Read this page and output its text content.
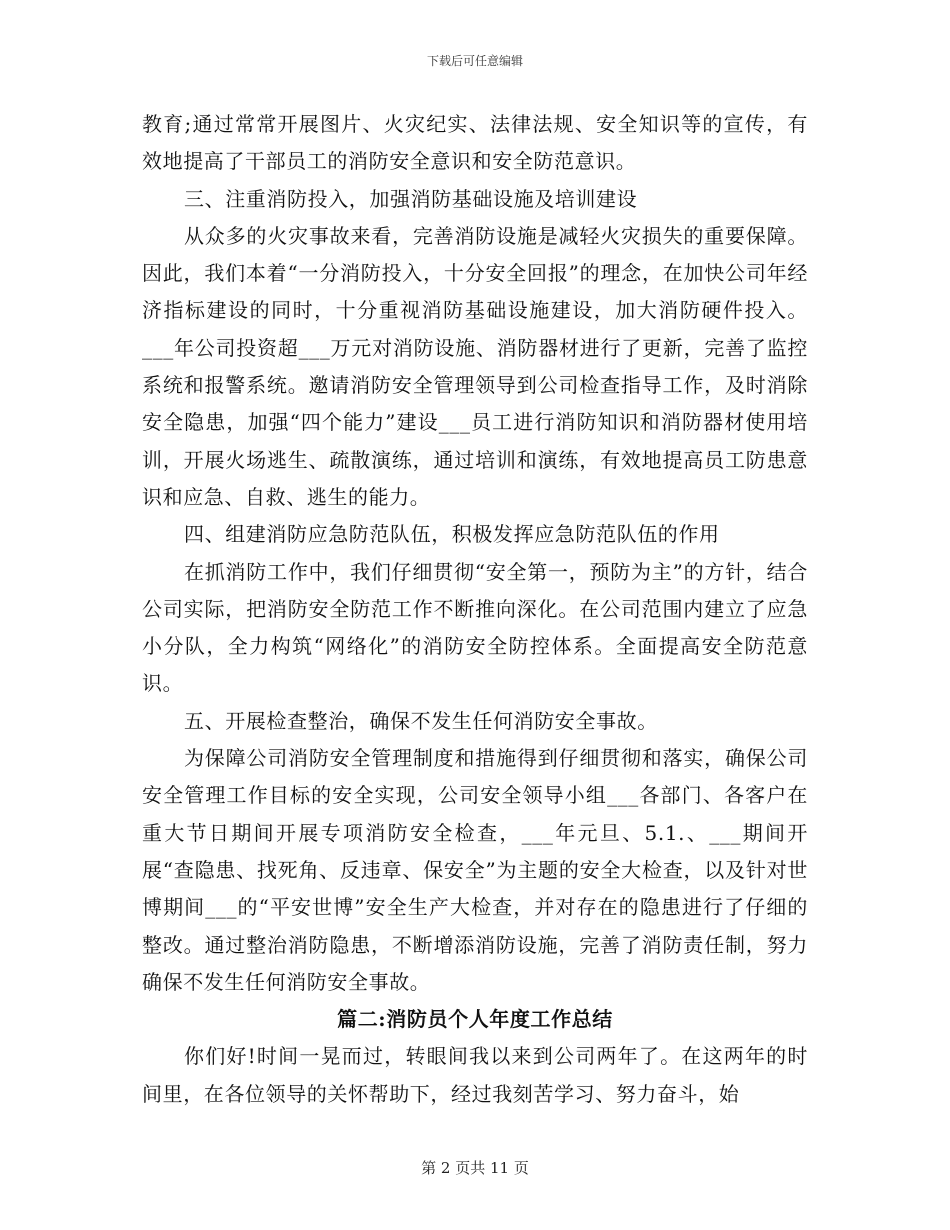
下载后可任意编辑

教育;通过常常开展图片、火灾纪实、法律法规、安全知识等的宣传，有效地提高了干部员工的消防安全意识和安全防范意识。

三、注重消防投入，加强消防基础设施及培训建设

从众多的火灾事故来看，完善消防设施是减轻火灾损失的重要保障。因此，我们本着“一分消防投入，十分安全回报”的理念，在加快公司年经济指标建设的同时，十分重视消防基础设施建设，加大消防硬件投入。___年公司投资超___万元对消防设施、消防器材进行了更新，完善了监控系统和报警系统。邀请消防安全管理领导到公司检查指导工作，及时消除安全隐患，加强“四个能力”建设___员工进行消防知识和消防器材使用培训，开展火场逃生、疏散演练，通过培训和演练，有效地提高员工防患意识和应急、自救、逃生的能力。

四、组建消防应急防范队伍，积极发挥应急防范队伍的作用

在抓消防工作中，我们仔细贯彻“安全第一，预防为主”的方针，结合公司实际，把消防安全防范工作不断推向深化。在公司范围内建立了应急小分队，全力构筑“网络化”的消防安全防控体系。全面提高安全防范意识。

五、开展检查整治，确保不发生任何消防安全事故。

为保障公司消防安全管理制度和措施得到仔细贯彻和落实，确保公司安全管理工作目标的安全实现，公司安全领导小组___各部门、各客户在重大节日期间开展专项消防安全检查，___年元旦、5.1.、___期间开展“查隐患、找死角、反违章、保安全”为主题的安全大检查，以及针对世博期间___的“平安世博”安全生产大检查，并对存在的隐患进行了仔细的整改。通过整治消防隐患，不断增添消防设施，完善了消防责任制，努力确保不发生任何消防安全事故。

篇二:消防员个人年度工作总结

你们好!时间一晃而过，转眼间我以来到公司两年了。在这两年的时间里，在各位领导的关怀帮助下，经过我刻苦学习、努力奋斗，始

第 2 页共 11 页
